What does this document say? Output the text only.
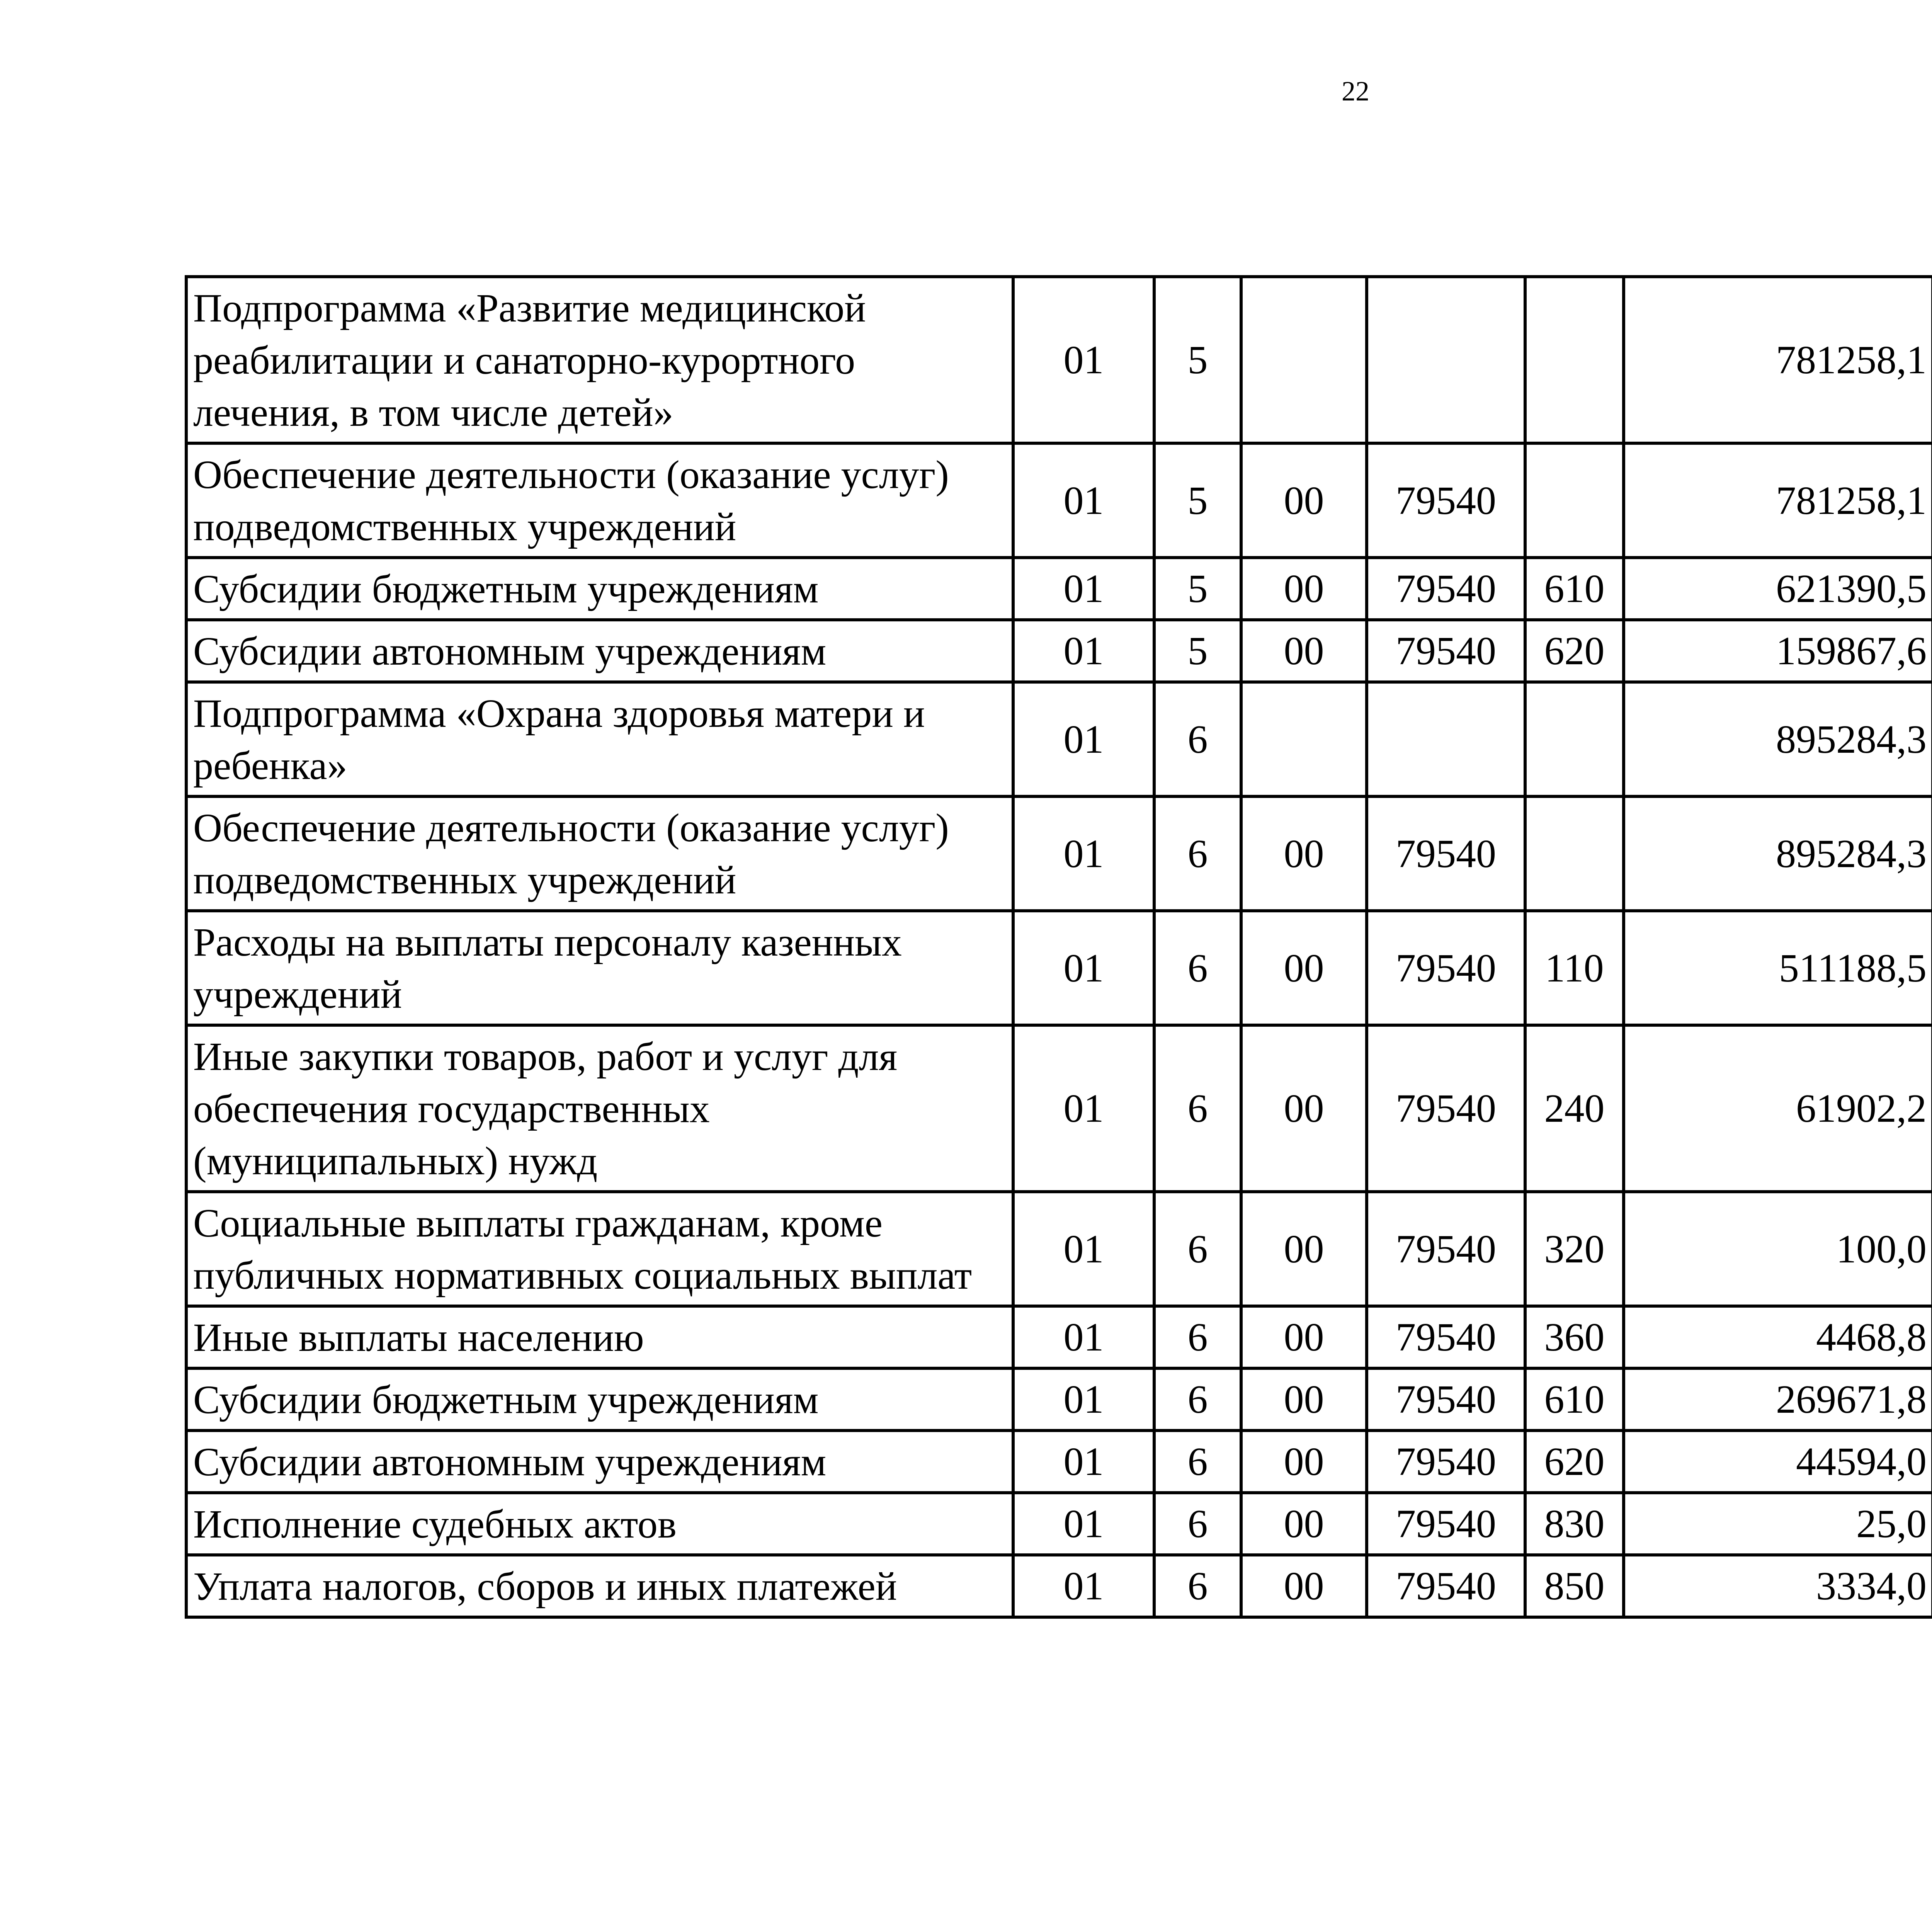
22
Подпрограмма «Развитие медицинской реабилитации и санаторно-курортного лечения, в том числе детей»	01	5				781258,1		
Обеспечение деятельности (оказание услуг) подведомственных учреждений	01	5	00	79540		781258,1		
Субсидии бюджетным учреждениям	01	5	00	79540	610	621390,5		
Субсидии автономным учреждениям	01	5	00	79540	620	159867,6		
Подпрограмма «Охрана здоровья матери и ребенка»	01	6				895284,3		
Обеспечение деятельности (оказание услуг) подведомственных учреждений	01	6	00	79540		895284,3		
Расходы на выплаты персоналу казенных учреждений	01	6	00	79540	110	511188,5		
Иные закупки товаров, работ и услуг для обеспечения государственных (муниципальных) нужд	01	6	00	79540	240	61902,2		
Социальные выплаты гражданам, кроме публичных нормативных социальных выплат	01	6	00	79540	320	100,0		
Иные выплаты населению	01	6	00	79540	360	4468,8		
Субсидии бюджетным учреждениям	01	6	00	79540	610	269671,8		
Субсидии автономным учреждениям	01	6	00	79540	620	44594,0		
Исполнение судебных актов	01	6	00	79540	830	25,0		
Уплата налогов, сборов и иных платежей	01	6	00	79540	850	3334,0		
